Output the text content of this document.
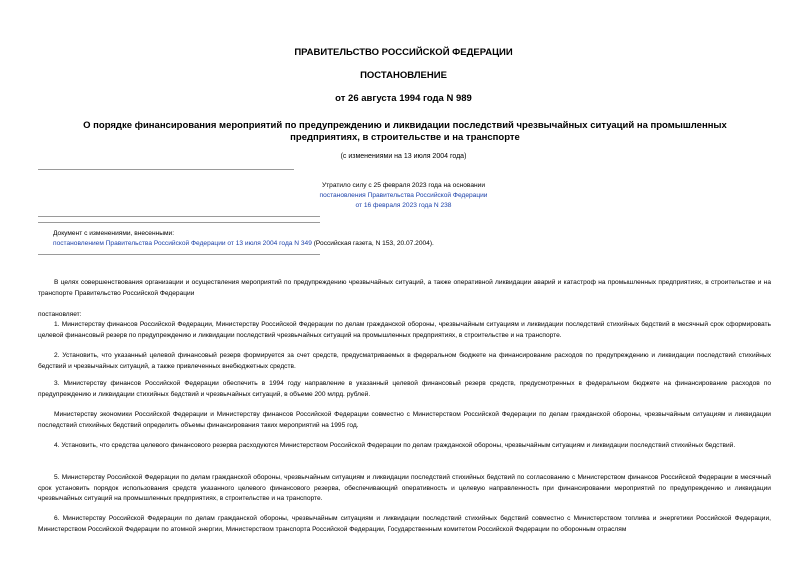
ПРАВИТЕЛЬСТВО РОССИЙСКОЙ ФЕДЕРАЦИИ
ПОСТАНОВЛЕНИЕ
от 26 августа 1994 года N 989
О порядке финансирования мероприятий по предупреждению и ликвидации последствий чрезвычайных ситуаций на промышленных предприятиях, в строительстве и на транспорте
(с изменениями на 13 июля 2004 года)
Утратило силу с 25 февраля 2023 года на основании
постановления Правительства Российской Федерации
от 16 февраля 2023 года N 238
Документ с изменениями, внесенными:
постановлением Правительства Российской Федерации от 13 июля 2004 года N 349 (Российская газета, N 153, 20.07.2004).

В целях совершенствования организации и осуществления мероприятий по предупреждению чрезвычайных ситуаций, а также оперативной ликвидации аварий и катастроф на промышленных предприятиях, в строительстве и на транспорте Правительство Российской Федерации

постановляет:

1. Министерству финансов Российской Федерации, Министерству Российской Федерации по делам гражданской обороны, чрезвычайным ситуациям и ликвидации последствий стихийных бедствий в месячный срок сформировать целевой финансовый резерв по предупреждению и ликвидации последствий чрезвычайных ситуаций на промышленных предприятиях, в строительстве и на транспорте.

2. Установить, что указанный целевой финансовый резерв формируется за счет средств, предусматриваемых в федеральном бюджете на финансирование расходов по предупреждению и ликвидации последствий стихийных бедствий и чрезвычайных ситуаций, а также привлеченных внебюджетных средств.

3. Министерству финансов Российской Федерации обеспечить в 1994 году направление в указанный целевой финансовый резерв средств, предусмотренных в федеральном бюджете на финансирование расходов по предупреждению и ликвидации стихийных бедствий и чрезвычайных ситуаций, в объеме 200 млрд. рублей.

Министерству экономики Российской Федерации и Министерству финансов Российской Федерации совместно с Министерством Российской Федерации по делам гражданской обороны, чрезвычайным ситуациям и ликвидации последствий стихийных бедствий определить объемы финансирования таких мероприятий на 1995 год.

4. Установить, что средства целевого финансового резерва расходуются Министерством Российской Федерации по делам гражданской обороны, чрезвычайным ситуациям и ликвидации последствий стихийных бедствий.

5. Министерству Российской Федерации по делам гражданской обороны, чрезвычайным ситуациям и ликвидации последствий стихийных бедствий по согласованию с Министерством финансов Российской Федерации в месячный срок установить порядок использования средств указанного целевого финансового резерва, обеспечивающий оперативность и целевую направленность при финансировании мероприятий по предупреждению и ликвидации чрезвычайных ситуаций на промышленных предприятиях, в строительстве и на транспорте.

6. Министерству Российской Федерации по делам гражданской обороны, чрезвычайным ситуациям и ликвидации последствий стихийных бедствий совместно с Министерством топлива и энергетики Российской Федерации, Министерством Российской Федерации по атомной энергии, Министерством транспорта Российской Федерации, Государственным комитетом Российской Федерации по оборонным отраслям
